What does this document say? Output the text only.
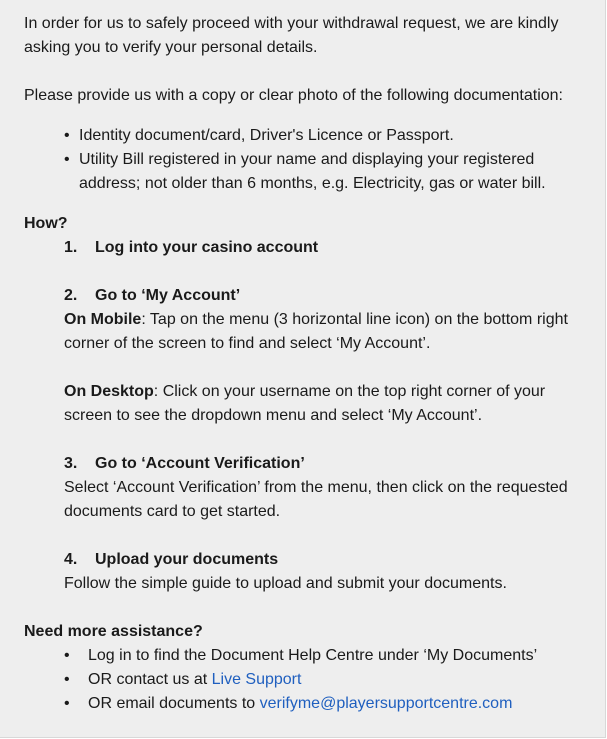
In order for us to safely proceed with your withdrawal request, we are kindly asking you to verify your personal details.

Please provide us with a copy or clear photo of the following documentation:

• Identity document/card, Driver's Licence or Passport.
• Utility Bill registered in your name and displaying your registered address; not older than 6 months, e.g. Electricity, gas or water bill.

How?

1. Log into your casino account

2. Go to ‘My Account’

On Mobile: Tap on the menu (3 horizontal line icon) on the bottom right corner of the screen to find and select ‘My Account’.

On Desktop: Click on your username on the top right corner of your screen to see the dropdown menu and select ‘My Account’.

3. Go to ‘Account Verification’

Select ‘Account Verification’ from the menu, then click on the requested documents card to get started.

4. Upload your documents

Follow the simple guide to upload and submit your documents.

Need more assistance?

• Log in to find the Document Help Centre under ‘My Documents’
• OR contact us at Live Support
• OR email documents to verifyme@playersupportcentre.com
